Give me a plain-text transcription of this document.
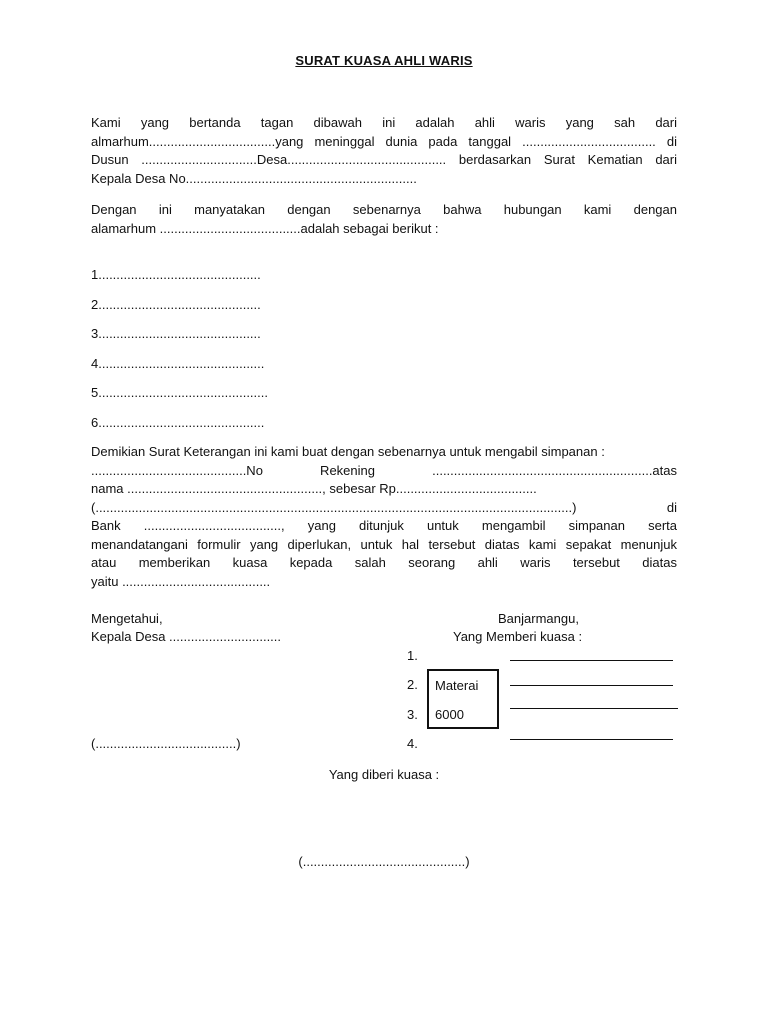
SURAT KUASA AHLI WARIS
Kami yang bertanda tagan dibawah ini adalah ahli waris yang sah dari
almarhum...................................yang meninggal dunia pada tanggal ..................................... di
Dusun ................................Desa............................................ berdasarkan Surat Kematian dari
Kepala Desa No................................................................
Dengan ini manyatakan dengan sebenarnya bahwa hubungan kami dengan
alamarhum .......................................adalah sebagai berikut :
1.............................................
2.............................................
3.............................................
4..............................................
5...............................................
6..............................................
Demikian Surat Keterangan ini kami buat dengan sebenarnya untuk mengabil simpanan :
...........................................No Rekening .............................................................atas
nama ......................................................, sebesar Rp.......................................
(....................................................................................................................................) di
Bank ......................................, yang ditunjuk untuk mengambil simpanan serta
menandatangani formulir yang diperlukan, untuk hal tersebut diatas kami sepakat menunjuk
atau memberikan kuasa kepada salah seorang ahli waris tersebut diatas
yaitu .........................................
Mengetahui,
Kepala Desa ...............................
(.......................................)
Banjarmangu,
Yang Memberi kuasa :
1.
2.
3.
4.
Materai
6000
Yang diberi kuasa :
(.............................................)
